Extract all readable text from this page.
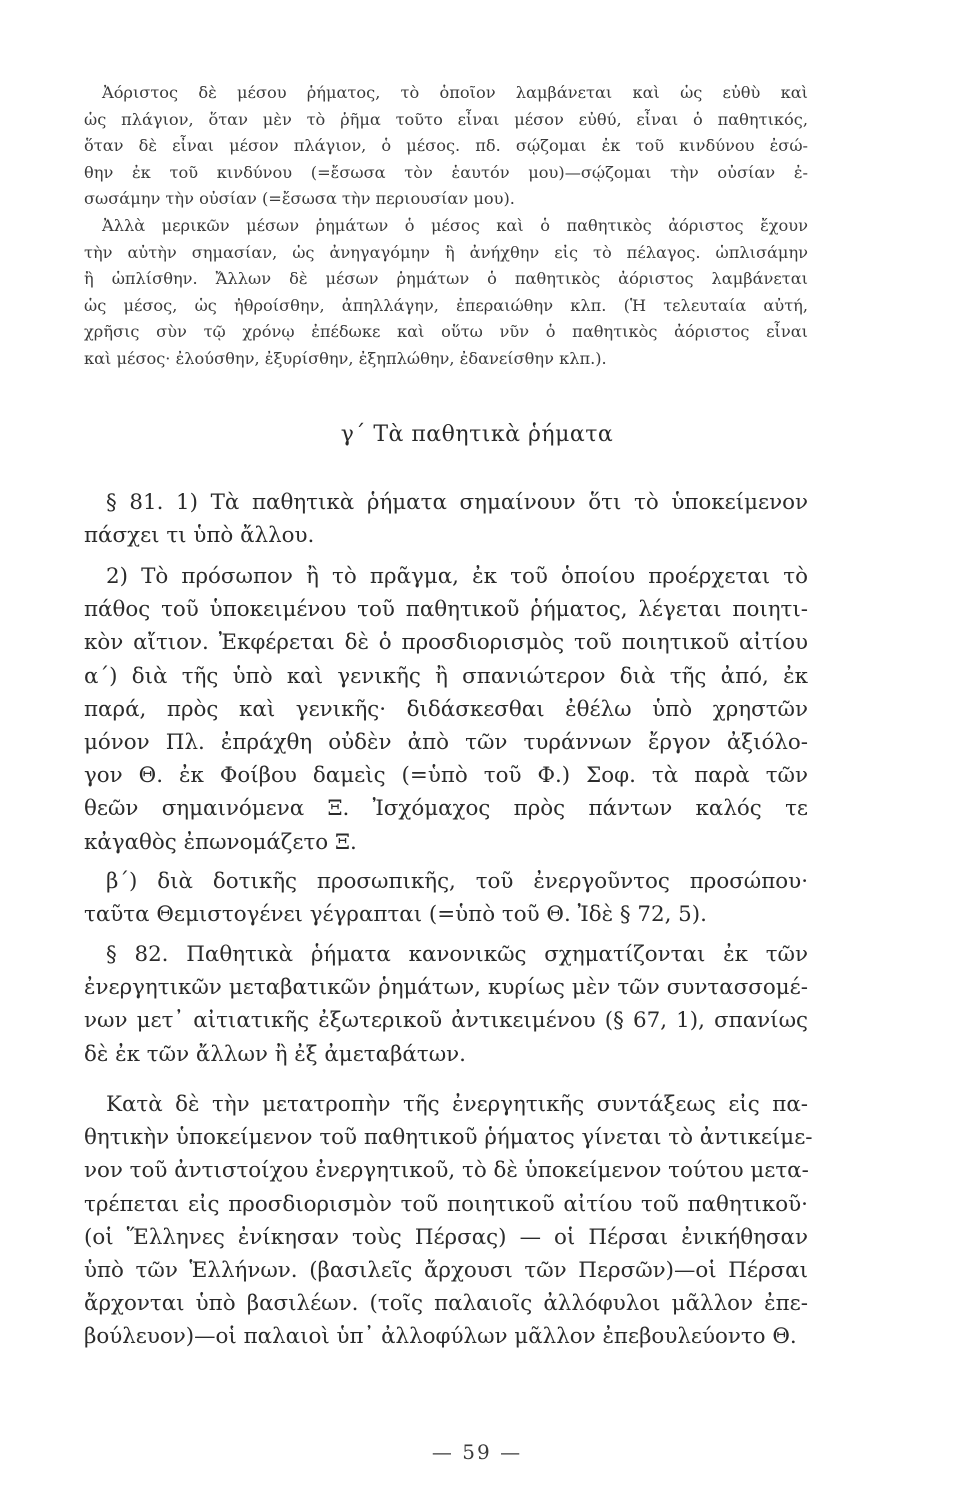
Ἀόριστος δὲ μέσου ῥήματος, τὸ ὁποῖον λαμβάνεται καὶ ὡς εὐθὺ καὶ
ὡς πλάγιον, ὅταν μὲν τὸ ῥῆμα τοῦτο εἶναι μέσον εὐθύ, εἶναι ὁ παθητικός,
ὅταν δὲ εἶναι μέσον πλάγιον, ὁ μέσος. πδ. σῴζομαι ἐκ τοῦ κινδύνου ἐσώ-
θην ἐκ τοῦ κινδύνου (=ἔσωσα τὸν ἑαυτόν μου)—σῴζομαι τὴν οὐσίαν ἐ-
σωσάμην τὴν οὐσίαν (=ἔσωσα τὴν περιουσίαν μου).
Ἀλλὰ μερικῶν μέσων ῥημάτων ὁ μέσος καὶ ὁ παθητικὸς ἀόριστος ἔχουν
τὴν αὐτὴν σημασίαν, ὡς ἀνηγαγόμην ἢ ἀνήχθην εἰς τὸ πέλαγος. ὡπλισάμην
ἢ ὡπλίσθην. Ἄλλων δὲ μέσων ῥημάτων ὁ παθητικὸς ἀόριστος λαμβάνεται
ὡς μέσος, ὡς ἠθροίσθην, ἀπηλλάγην, ἐπεραιώθην κλπ. (Ἡ τελευταία αὐτή,
χρῆσις σὺν τῷ χρόνῳ ἐπέδωκε καὶ οὕτω νῦν ὁ παθητικὸς ἀόριστος εἶναι
καὶ μέσος· ἐλούσθην, ἐξυρίσθην, ἐξηπλώθην, ἐδανείσθην κλπ.).
γ΄ Τὰ παθητικὰ ῥήματα
§ 81. 1) Τὰ παθητικὰ ῥήματα σημαίνουν ὅτι τὸ ὑποκείμενον
πάσχει τι ὑπὸ ἄλλου.
2) Τὸ πρόσωπον ἢ τὸ πρᾶγμα, ἐκ τοῦ ὁποίου προέρχεται τὸ
πάθος τοῦ ὑποκειμένου τοῦ παθητικοῦ ῥήματος, λέγεται ποιητι-
κὸν αἴτιον. Ἐκφέρεται δὲ ὁ προσδιορισμὸς τοῦ ποιητικοῦ αἰτίου
α΄) διὰ τῆς ὑπὸ καὶ γενικῆς ἢ σπανιώτερον διὰ τῆς ἀπό, ἐκ
παρά, πρὸς καὶ γενικῆς· διδάσκεσθαι ἐθέλω ὑπὸ χρηστῶν
μόνον Πλ. ἐπράχθη οὐδὲν ἀπὸ τῶν τυράννων ἔργον ἀξιόλο-
γον Θ. ἐκ Φοίβου δαμεὶς (=ὑπὸ τοῦ Φ.) Σοφ. τὰ παρὰ τῶν
θεῶν σημαινόμενα Ξ. Ἰσχόμαχος πρὸς πάντων καλός τε
κἀγαθὸς ἐπωνομάζετο Ξ.
β΄) διὰ δοτικῆς προσωπικῆς, τοῦ ἐνεργοῦντος προσώπου·
ταῦτα Θεμιστογένει γέγραπται (=ὑπὸ τοῦ Θ. Ἰδὲ § 72, 5).
§ 82. Παθητικὰ ῥήματα κανονικῶς σχηματίζονται ἐκ τῶν
ἐνεργητικῶν μεταβατικῶν ῥημάτων, κυρίως μὲν τῶν συντασσομέ-
νων μετ᾽ αἰτιατικῆς ἐξωτερικοῦ ἀντικειμένου (§ 67, 1), σπανίως
δὲ ἐκ τῶν ἄλλων ἢ ἐξ ἀμεταβάτων.
Κατὰ δὲ τὴν μετατροπὴν τῆς ἐνεργητικῆς συντάξεως εἰς πα-
θητικὴν ὑποκείμενον τοῦ παθητικοῦ ῥήματος γίνεται τὸ ἀντικείμε-
νον τοῦ ἀντιστοίχου ἐνεργητικοῦ, τὸ δὲ ὑποκείμενον τούτου μετα-
τρέπεται εἰς προσδιορισμὸν τοῦ ποιητικοῦ αἰτίου τοῦ παθητικοῦ·
(οἱ Ἕλληνες ἐνίκησαν τοὺς Πέρσας) — οἱ Πέρσαι ἐνικήθησαν
ὑπὸ τῶν Ἑλλήνων. (βασιλεῖς ἄρχουσι τῶν Περσῶν)—οἱ Πέρσαι
ἄρχονται ὑπὸ βασιλέων. (τοῖς παλαιοῖς ἀλλόφυλοι μᾶλλον ἐπε-
βούλευον)—οἱ παλαιοὶ ὑπ᾽ ἀλλοφύλων μᾶλλον ἐπεβουλεύοντο Θ.
— 59 —
